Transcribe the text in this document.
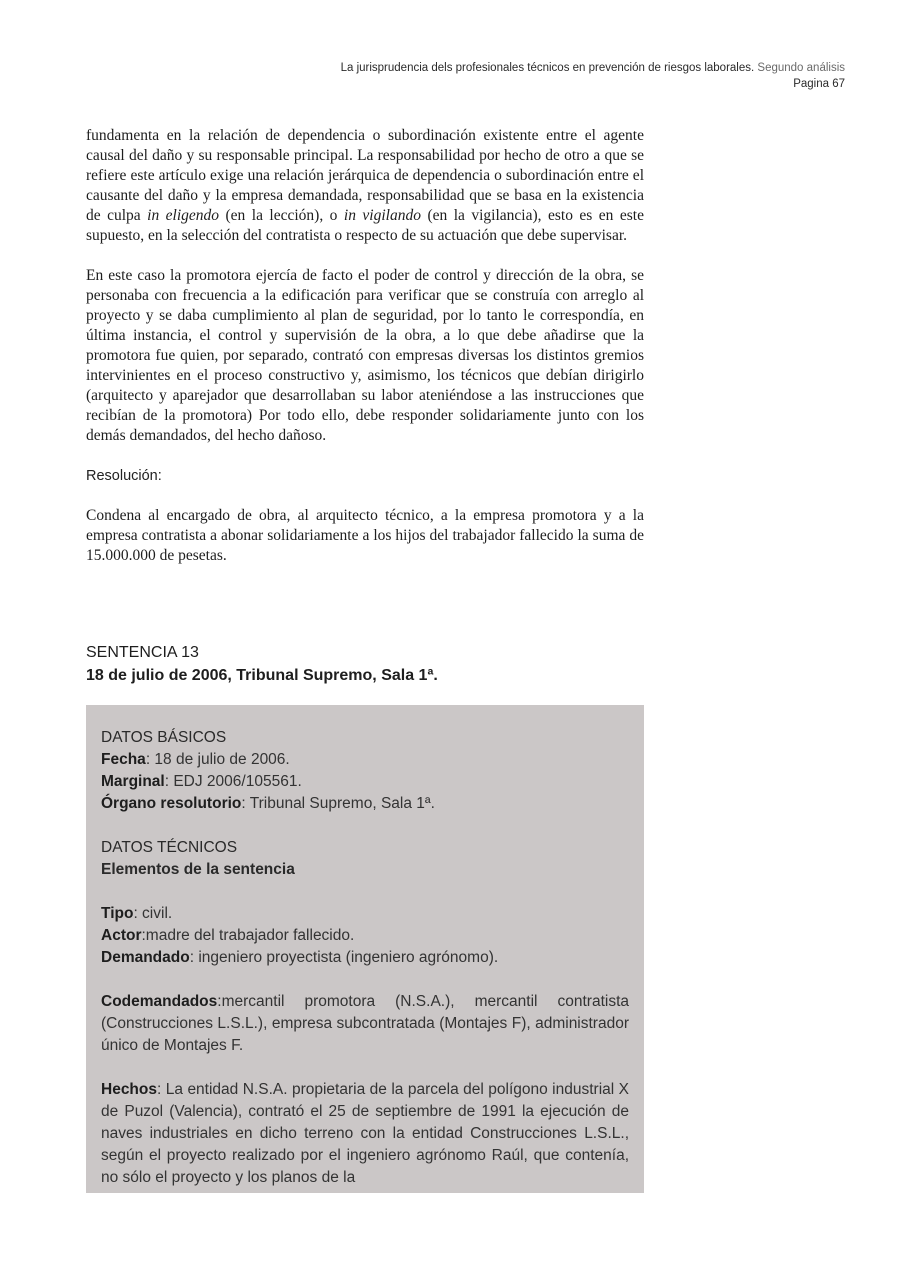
La jurisprudencia dels profesionales técnicos en prevención de riesgos laborales. Segundo análisis
Pagina 67

fundamenta en la relación de dependencia o subordinación existente entre el agente causal del daño y su responsable principal. La responsabilidad por hecho de otro a que se refiere este artículo exige una relación jerárquica de dependencia o subordinación entre el causante del daño y la empresa demandada, responsabilidad que se basa en la existencia de culpa in eligendo (en la lección), o in vigilando (en la vigilancia), esto es en este supuesto, en la selección del contratista o respecto de su actuación que debe supervisar.

En este caso la promotora ejercía de facto el poder de control y dirección de la obra, se personaba con frecuencia a la edificación para verificar que se construía con arreglo al proyecto y se daba cumplimiento al plan de seguridad, por lo tanto le correspondía, en última instancia, el control y supervisión de la obra, a lo que debe añadirse que la promotora fue quien, por separado, contrató con empresas diversas los distintos gremios intervinientes en el proceso constructivo y, asimismo, los técnicos que debían dirigirlo (arquitecto y aparejador que desarrollaban su labor ateniéndose a las instrucciones que recibían de la promotora) Por todo ello, debe responder solidariamente junto con los demás demandados, del hecho dañoso.

Resolución:

Condena al encargado de obra, al arquitecto técnico, a la empresa promotora y a la empresa contratista a abonar solidariamente a los hijos del trabajador fallecido la suma de 15.000.000 de pesetas.

SENTENCIA 13
18 de julio de 2006, Tribunal Supremo, Sala 1ª.
DATOS BÁSICOS
Fecha: 18 de julio de 2006.
Marginal: EDJ 2006/105561.
Órgano resolutorio: Tribunal Supremo, Sala 1ª.
DATOS TÉCNICOS
Elementos de la sentencia
Tipo: civil.
Actor:madre del trabajador fallecido.
Demandado: ingeniero proyectista (ingeniero agrónomo).
Codemandados:mercantil promotora (N.S.A.), mercantil contratista (Construcciones L.S.L.), empresa subcontratada (Montajes F), administrador único de Montajes F.
Hechos: La entidad N.S.A. propietaria de la parcela del polígono industrial X de Puzol (Valencia), contrató el 25 de septiembre de 1991 la ejecución de naves industriales en dicho terreno con la entidad Construcciones L.S.L., según el proyecto realizado por el ingeniero agrónomo Raúl, que contenía, no sólo el proyecto y los planos de la
